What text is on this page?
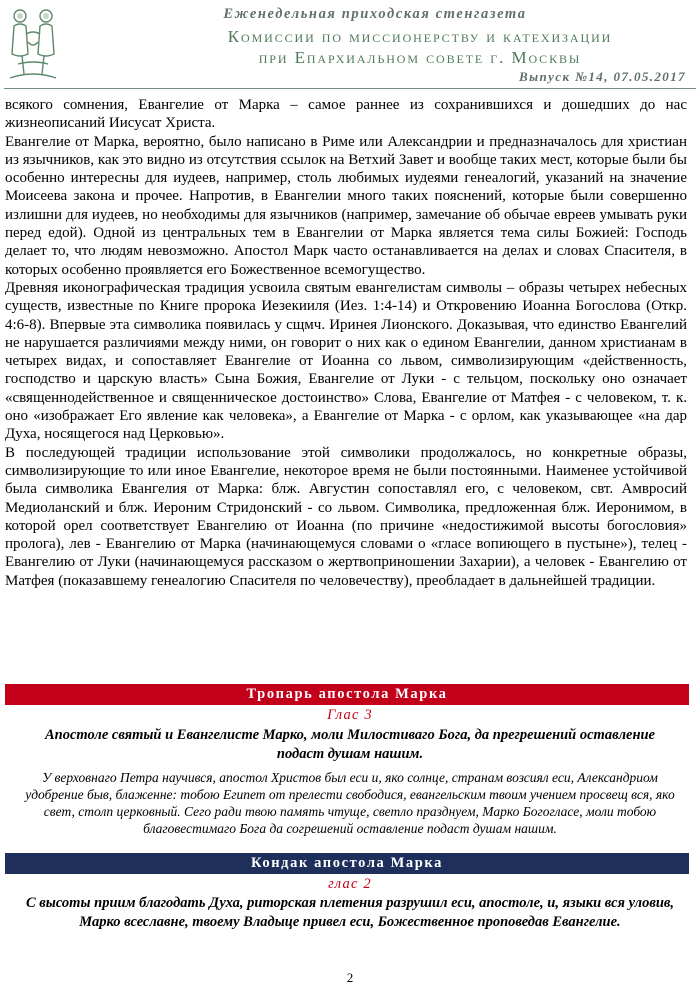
Еженедельная приходская стенгазета
Комиссии по миссионерству и катехизации
при Епархиальном совете г. Москвы
Выпуск №14, 07.05.2017

всякого сомнения, Евангелие от Марка – самое раннее из сохранившихся и дошедших до нас жизнеописаний Иисусат Христа.

Евангелие от Марка, вероятно, было написано в Риме или Александрии и предназначалось для христиан из язычников, как это видно из отсутствия ссылок на Ветхий Завет и вообще таких мест, которые были бы особенно интересны для иудеев, например, столь любимых иудеями генеалогий, указаний на значение Моисеева закона и прочее. Напротив, в Евангелии много таких пояснений, которые были совершенно излишни для иудеев, но необходимы для язычников (например, замечание об обычае евреев умывать руки перед едой). Одной из центральных тем в Евангелии от Марка является тема силы Божией: Господь делает то, что людям невозможно. Апостол Марк часто останавливается на делах и словах Спасителя, в которых особенно проявляется его Божественное всемогущество.

Древняя иконографическая традиция усвоила святым евангелистам символы – образы четырех небесных существ, известные по Книге пророка Иезекииля (Иез. 1:4-14) и Откровению Иоанна Богослова (Откр. 4:6-8). Впервые эта символика появилась у сщмч. Иринея Лионского. Доказывая, что единство Евангелий не нарушается различиями между ними, он говорит о них как о едином Евангелии, данном христианам в четырех видах, и сопоставляет Евангелие от Иоанна со львом, символизирующим «действенность, господство и царскую власть» Сына Божия, Евангелие от Луки - с тельцом, поскольку оно означает «священнодейственное и священническое достоинство» Слова, Евангелие от Матфея - с человеком, т. к. оно «изображает Его явление как человека», а Евангелие от Марка - с орлом, как указывающее «на дар Духа, носящегося над Церковью».

В последующей традиции использование этой символики продолжалось, но конкретные образы, символизирующие то или иное Евангелие, некоторое время не были постоянными. Наименее устойчивой была символика Евангелия от Марка: блж. Августин сопоставлял его, с человеком, свт. Амвросий Медиоланский и блж. Иероним Стридонский - со львом. Символика, предложенная блж. Иеронимом, в которой орел соответствует Евангелию от Иоанна (по причине «недостижимой высоты богословия» пролога), лев - Евангелию от Марка (начинающемуся словами о «гласе вопиющего в пустыне»), телец - Евангелию от Луки (начинающемуся рассказом о жертвоприношении Захарии), а человек - Евангелию от Матфея (показавшему генеалогию Спасителя по человечеству), преобладает в дальнейшей традиции.

Тропарь апостола Марка
Глас 3
Апостоле святый и Евангелисте Марко, моли Милостиваго Бога, да прегрешений оставление подаст душам нашим.
У верховнаго Петра научився, апостол Христов был еси и, яко солнце, странам возсиял еси, Александриом удобрение быв, блаженне: тобою Египет от прелести свободися, евангельским твоим учением просвещ вся, яко свет, столп церковный. Сего ради твою память чтуще, светло празднуем, Марко Богогласе, моли тобою благовестимаго Бога да согрешений оставление подаст душам нашим.
Кондак апостола Марка
глас 2
С высоты приим благодать Духа, риторская плетения разрушил еси, апостоле, и, языки вся уловив, Марко всеславне, твоему Владыце привел еси, Божественное проповедав Евангелие.
2
